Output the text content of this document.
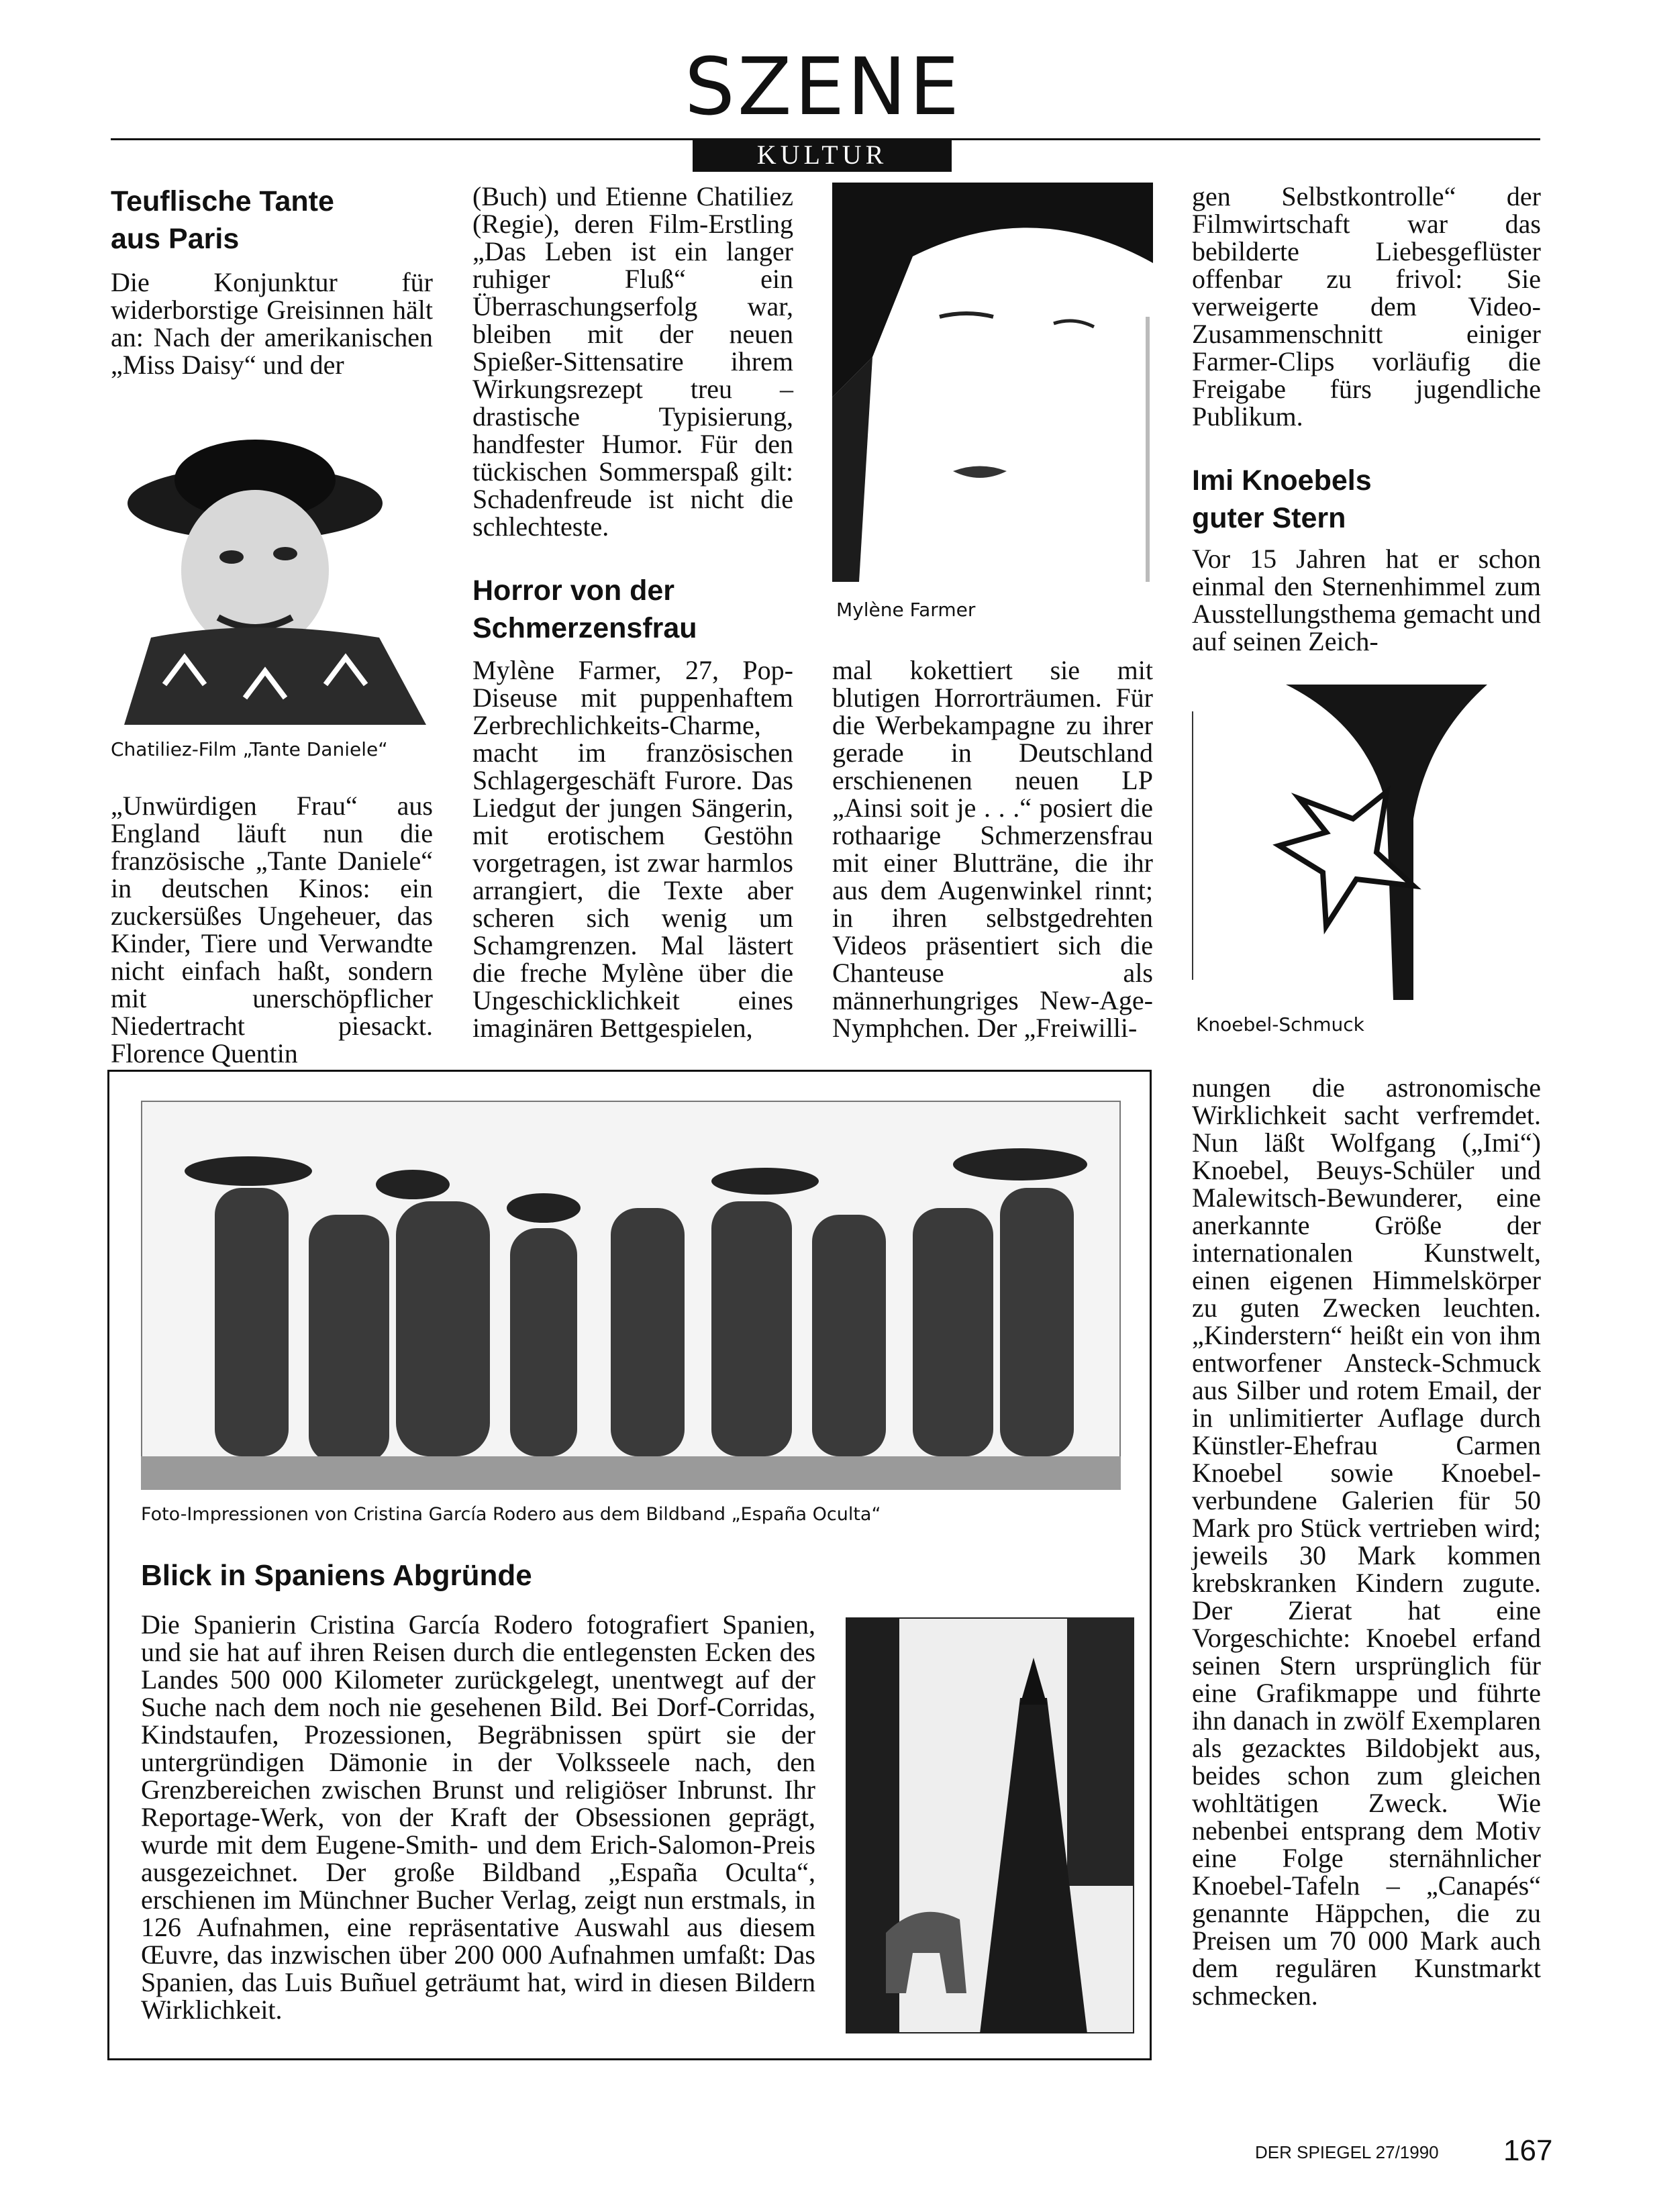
SZENE
KULTUR
Teuflische Tante
aus Paris
Die Konjunktur für widerborstige Greisinnen hält an: Nach der amerikanischen „Miss Daisy“ und der
Chatiliez-Film „Tante Daniele“
„Unwürdigen Frau“ aus England läuft nun die französische „Tante Daniele“ in deutschen Kinos: ein zuckersüßes Ungeheuer, das Kinder, Tiere und Verwandte nicht einfach haßt, sondern mit unerschöpflicher Niedertracht piesackt. Florence Quentin
(Buch) und Etienne Chatiliez (Regie), deren Film-Erstling „Das Leben ist ein langer ruhiger Fluß“ ein Überraschungserfolg war, bleiben mit der neuen Spießer-Sittensatire ihrem Wirkungsrezept treu – drastische Typisierung, handfester Humor. Für den tückischen Sommerspaß gilt: Schadenfreude ist nicht die schlechteste.
Horror von der
Schmerzensfrau
Mylène Farmer, 27, Pop-Diseuse mit puppenhaftem Zerbrechlichkeits-Charme, macht im französischen Schlagergeschäft Furore. Das Liedgut der jungen Sängerin, mit erotischem Gestöhn vorgetragen, ist zwar harmlos arrangiert, die Texte aber scheren sich wenig um Schamgrenzen. Mal lästert die freche Mylène über die Ungeschicklichkeit eines imaginären Bettgespielen,
Mylène Farmer
mal kokettiert sie mit blutigen Horrorträumen. Für die Werbekampagne zu ihrer gerade in Deutschland erschienenen neuen LP „Ainsi soit je . . .“ posiert die rothaarige Schmerzensfrau mit einer Blutträne, die ihr aus dem Augenwinkel rinnt; in ihren selbstgedrehten Videos präsentiert sich die Chanteuse als männerhungriges New-Age-Nymphchen. Der „Freiwilli-
gen Selbstkontrolle“ der Filmwirtschaft war das bebilderte Liebesgeflüster offenbar zu frivol: Sie verweigerte dem Video-Zusammenschnitt einiger Farmer-Clips vorläufig die Freigabe fürs jugendliche Publikum.
Imi Knoebels
guter Stern
Vor 15 Jahren hat er schon einmal den Sternenhimmel zum Ausstellungsthema gemacht und auf seinen Zeich-
Knoebel-Schmuck
nungen die astronomische Wirklichkeit sacht verfremdet. Nun läßt Wolfgang („Imi“) Knoebel, Beuys-Schüler und Malewitsch-Bewunderer, eine anerkannte Größe der internationalen Kunstwelt, einen eigenen Himmelskörper zu guten Zwecken leuchten. „Kinderstern“ heißt ein von ihm entworfener Ansteck-Schmuck aus Silber und rotem Email, der in unlimitierter Auflage durch Künstler-Ehefrau Carmen Knoebel sowie Knoebel-verbundene Galerien für 50 Mark pro Stück vertrieben wird; jeweils 30 Mark kommen krebskranken Kindern zugute. Der Zierat hat eine Vorgeschichte: Knoebel erfand seinen Stern ursprünglich für eine Grafikmappe und führte ihn danach in zwölf Exemplaren als gezacktes Bildobjekt aus, beides schon zum gleichen wohltätigen Zweck. Wie nebenbei entsprang dem Motiv eine Folge sternähnlicher Knoebel-Tafeln – „Canapés“ genannte Häppchen, die zu Preisen um 70 000 Mark auch dem regulären Kunstmarkt schmecken.
Foto-Impressionen von Cristina García Rodero aus dem Bildband „España Oculta“
Blick in Spaniens Abgründe
Die Spanierin Cristina García Rodero fotografiert Spanien, und sie hat auf ihren Reisen durch die entlegensten Ecken des Landes 500 000 Kilometer zurückgelegt, unentwegt auf der Suche nach dem noch nie gesehenen Bild. Bei Dorf-Corridas, Kindstaufen, Prozessionen, Begräbnissen spürt sie der untergründigen Dämonie in der Volksseele nach, den Grenzbereichen zwischen Brunst und religiöser Inbrunst. Ihr Reportage-Werk, von der Kraft der Obsessionen geprägt, wurde mit dem Eugene-Smith- und dem Erich-Salomon-Preis ausgezeichnet. Der große Bildband „España Oculta“, erschienen im Münchner Bucher Verlag, zeigt nun erstmals, in 126 Aufnahmen, eine repräsentative Auswahl aus diesem Œuvre, das inzwischen über 200 000 Aufnahmen umfaßt: Das Spanien, das Luis Buñuel geträumt hat, wird in diesen Bildern Wirklichkeit.
DER SPIEGEL 27/1990 167
